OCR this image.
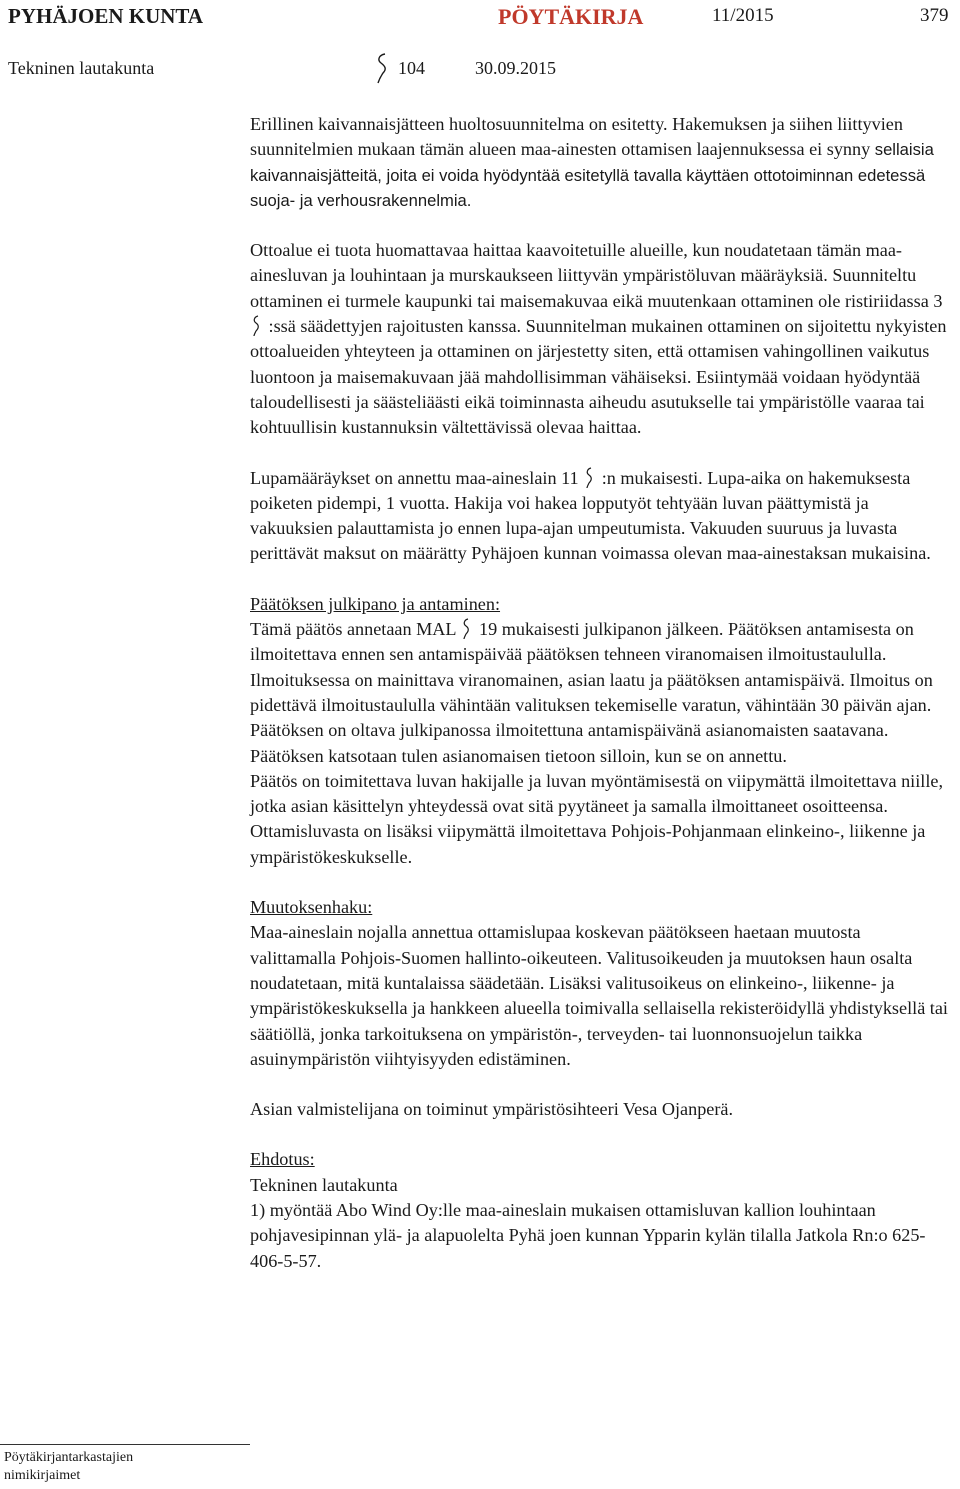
PYHÄJOEN KUNTA	PÖYTÄKIRJA	11/2015	379
Tekninen lautakunta	104	30.09.2015

Erillinen kaivannaisjätteen huoltosuunnitelma on esitetty. Hakemuksen ja siihen liittyvien suunnitelmien mukaan tämän alueen maa-ainesten ottamisen laajennuksessa ei synny sellaisia kaivannaisjätteitä, joita ei voida hyödyntää esitetyllä tavalla käyttäen ottotoiminnan edetessä suoja- ja verhousrakennelmia.

Ottoalue ei tuota huomattavaa haittaa kaavoitetuille alueille, kun noudatetaan tämän maa-ainesluvan ja louhintaan ja murskaukseen liittyvän ympäristöluvan määräyksiä. Suunniteltu ottaminen ei turmele kaupunki tai maisemakuvaa eikä muutenkaan ottaminen ole ristiriidassa 3  :ssä säädettyjen rajoitusten kanssa. Suunnitelman mukainen ottaminen on sijoitettu nykyisten ottoalueiden yhteyteen ja ottaminen on järjestetty siten, että ottamisen vahingollinen vaikutus luontoon ja maisemakuvaan jää mahdollisimman vähäiseksi. Esiintymää voidaan hyödyntää taloudellisesti ja säästeliäästi eikä toiminnasta aiheudu asutukselle tai ympäristölle vaaraa tai kohtuullisin kustannuksin vältettävissä olevaa haittaa.

Lupamääräykset on annettu maa-aineslain 11 :n mukaisesti. Lupa-aika on hakemuksesta poiketen pidempi, 1 vuotta. Hakija voi hakea lopputyöt tehtyään luvan päättymistä ja vakuuksien palauttamista jo ennen lupa-ajan umpeutumista. Vakuuden suuruus ja luvasta perittävät maksut on määrätty Pyhäjoen kunnan voimassa olevan maa-ainestaksan mukaisina.

Päätöksen julkipano ja antaminen:

Tämä päätös annetaan MAL 19 mukaisesti julkipanon jälkeen. Päätöksen antamisesta on ilmoitettava ennen sen antamispäivää päätöksen tehneen viranomaisen ilmoitustaululla. Ilmoituksessa on mainittava viranomainen, asian laatu ja päätöksen antamispäivä. Ilmoitus on pidettävä ilmoitustaululla vähintään valituksen tekemiselle varatun, vähintään 30 päivän ajan. Päätöksen on oltava julkipanossa ilmoitettuna antamispäivänä asianomaisten saatavana. Päätöksen katsotaan tulen asianomaisen tietoon silloin, kun se on annettu.

Päätös on toimitettava luvan hakijalle ja luvan myöntämisestä on viipymättä ilmoitettava niille, jotka asian käsittelyn yhteydessä ovat sitä pyytäneet ja samalla ilmoittaneet osoitteensa. Ottamisluvasta on lisäksi viipymättä ilmoitettava Pohjois-Pohjanmaan elinkeino-, liikenne ja ympäristökeskukselle.

Muutoksenhaku:

Maa-aineslain nojalla annettua ottamislupaa koskevan päätökseen haetaan muutosta valittamalla Pohjois-Suomen hallinto-oikeuteen. Valitusoikeuden ja muutoksen haun osalta noudatetaan, mitä kuntalaissa säädetään. Lisäksi valitusoikeus on elinkeino-, liikenne- ja ympäristökeskuksella ja hankkeen alueella toimivalla sellaisella rekisteröidyllä yhdistyksellä tai säätiöllä, jonka tarkoituksena on ympäristön-, terveyden- tai luonnonsuojelun taikka asuinympäristön viihtyisyyden edistäminen.

Asian valmistelijana on toiminut ympäristösihteeri Vesa Ojanperä.

Ehdotus:

Tekninen lautakunta

1) myöntää Abo Wind Oy:lle maa-aineslain mukaisen ottamisluvan kallion louhintaan pohjavesipinnan ylä- ja alapuolelta Pyhä joen kunnan Ypparin kylän tilalla Jatkola Rn:o 625-406-5-57.

Pöytäkirjantarkastajien
nimikirjaimet
